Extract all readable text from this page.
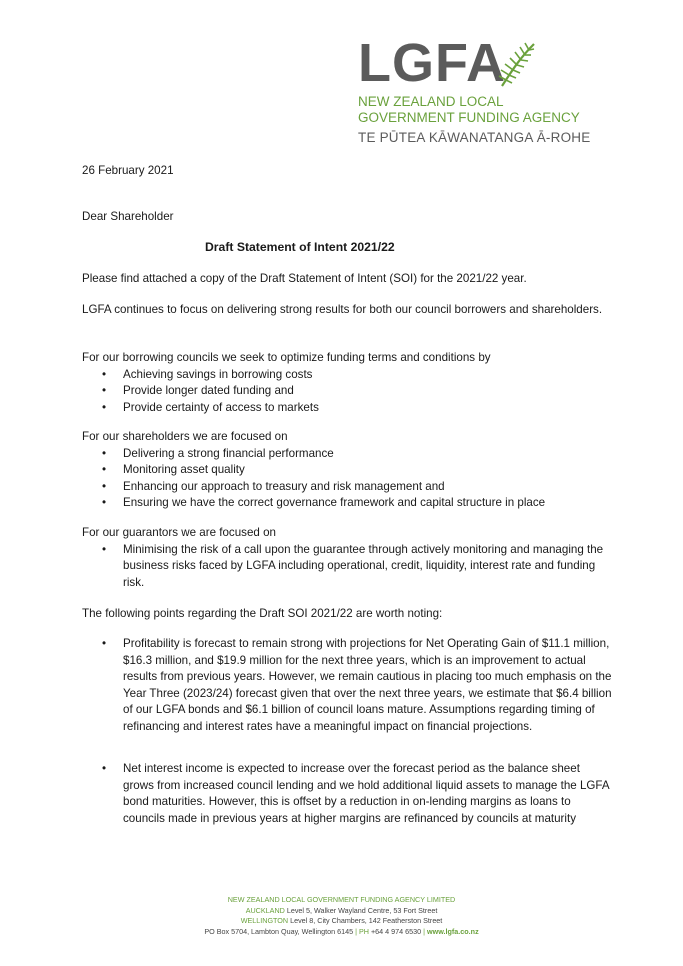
LGFA
NEW ZEALAND LOCAL
GOVERNMENT FUNDING AGENCY
TE PŪTEA KĀWANATANGA Ā-ROHE
26 February 2021
Dear Shareholder
Draft Statement of Intent 2021/22

Please find attached a copy of the Draft Statement of Intent (SOI) for the 2021/22 year.

LGFA continues to focus on delivering strong results for both our council borrowers and shareholders.

For our borrowing councils we seek to optimize funding terms and conditions by

• Achieving savings in borrowing costs
• Provide longer dated funding and
• Provide certainty of access to markets

For our shareholders we are focused on

• Delivering a strong financial performance
• Monitoring asset quality
• Enhancing our approach to treasury and risk management and
• Ensuring we have the correct governance framework and capital structure in place

For our guarantors we are focused on

• Minimising the risk of a call upon the guarantee through actively monitoring and managing the business risks faced by LGFA including operational, credit, liquidity, interest rate and funding risk.

The following points regarding the Draft SOI 2021/22 are worth noting:

• Profitability is forecast to remain strong with projections for Net Operating Gain of $11.1 million, $16.3 million, and $19.9 million for the next three years, which is an improvement to actual results from previous years. However, we remain cautious in placing too much emphasis on the Year Three (2023/24) forecast given that over the next three years, we estimate that $6.4 billion of our LGFA bonds and $6.1 billion of council loans mature. Assumptions regarding timing of refinancing and interest rates have a meaningful impact on financial projections.
• Net interest income is expected to increase over the forecast period as the balance sheet grows from increased council lending and we hold additional liquid assets to manage the LGFA bond maturities. However, this is offset by a reduction in on-lending margins as loans to councils made in previous years at higher margins are refinanced by councils at maturity
NEW ZEALAND LOCAL GOVERNMENT FUNDING AGENCY LIMITED
AUCKLAND Level 5, Walker Wayland Centre, 53 Fort Street
WELLINGTON Level 8, City Chambers, 142 Featherston Street
PO Box 5704, Lambton Quay, Wellington 6145 | PH +64 4 974 6530 | www.lgfa.co.nz
